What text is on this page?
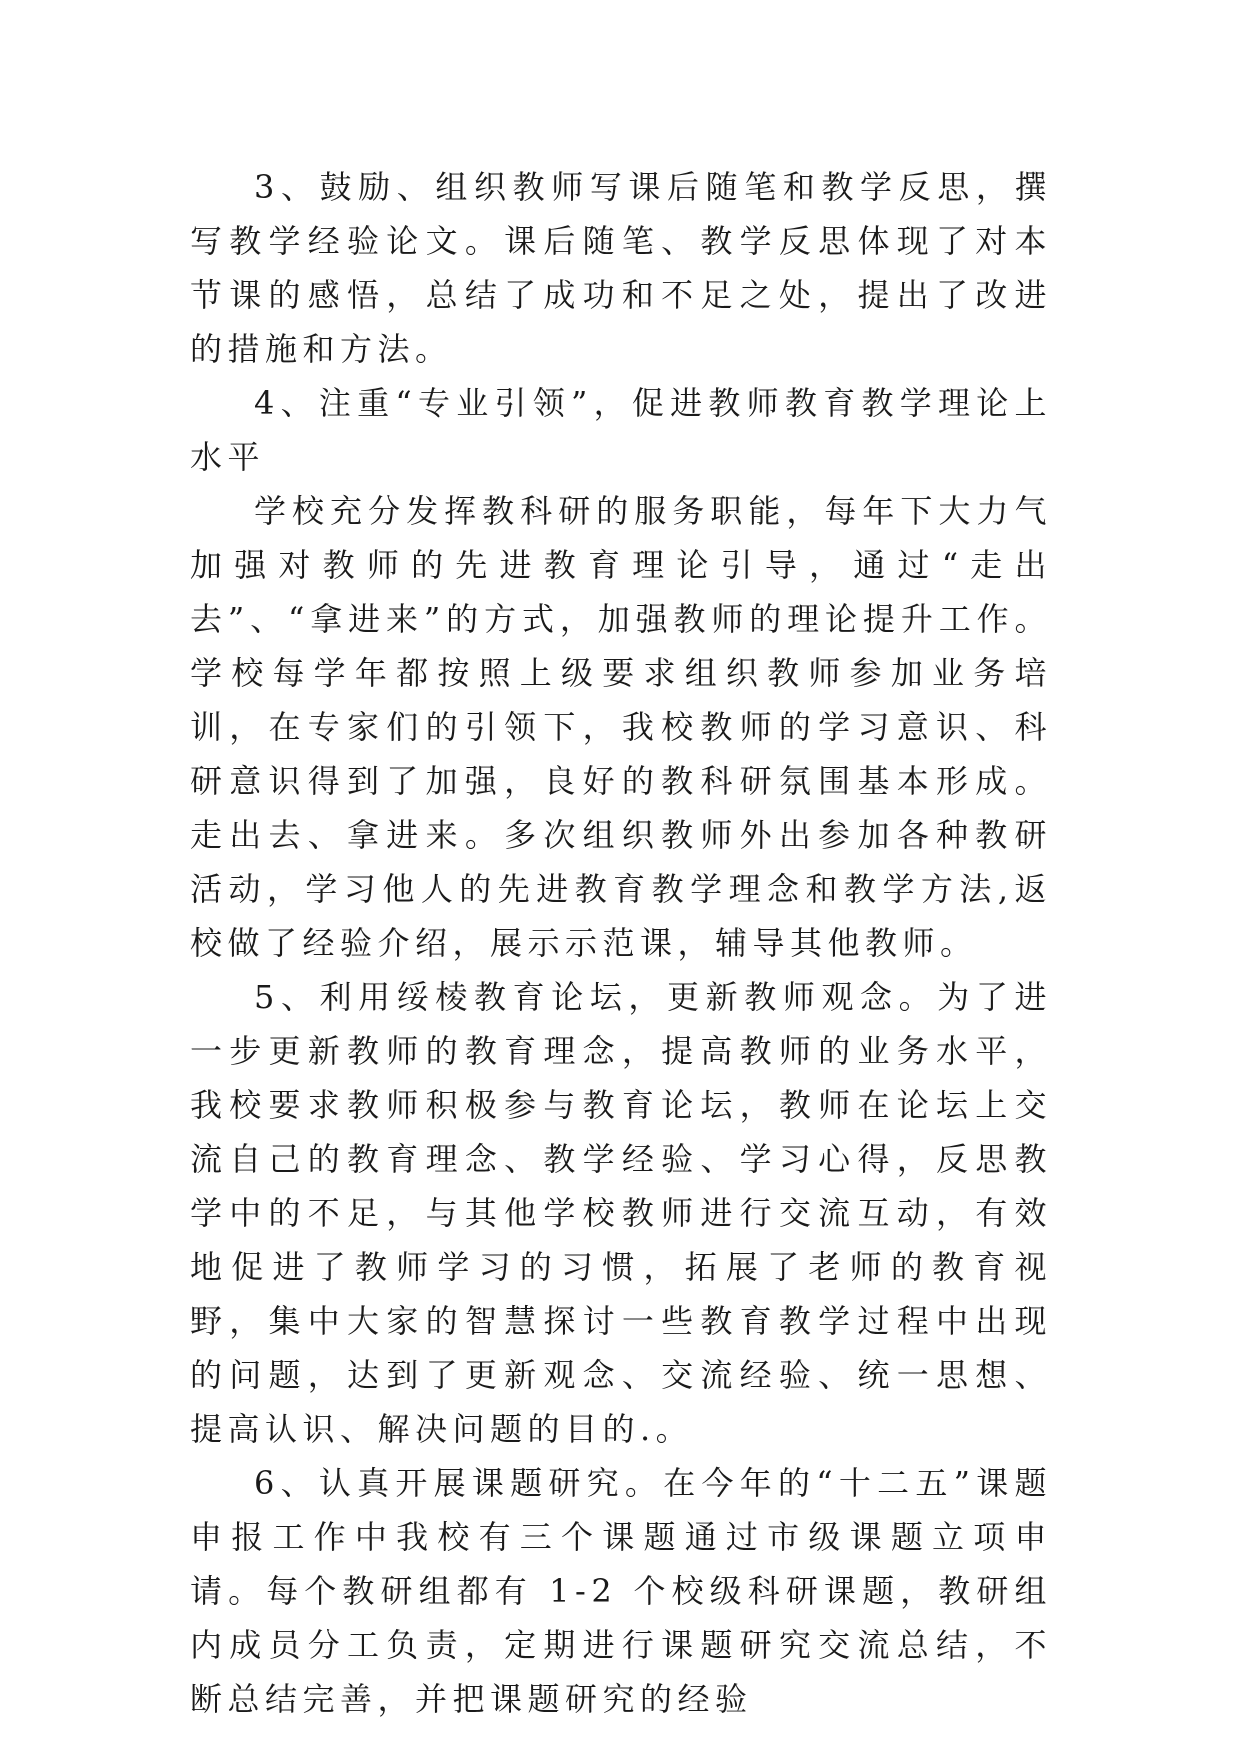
3、鼓励、组织教师写课后随笔和教学反思，撰写教学经验论文。课后随笔、教学反思体现了对本节课的感悟，总结了成功和不足之处，提出了改进的措施和方法。

4、注重“专业引领”，促进教师教育教学理论上水平

学校充分发挥教科研的服务职能，每年下大力气加强对教师的先进教育理论引导，通过“走出去”、“拿进来”的方式，加强教师的理论提升工作。学校每学年都按照上级要求组织教师参加业务培训，在专家们的引领下，我校教师的学习意识、科研意识得到了加强，良好的教科研氛围基本形成。走出去、拿进来。多次组织教师外出参加各种教研活动，学习他人的先进教育教学理念和教学方法,返校做了经验介绍，展示示范课，辅导其他教师。

5、利用绥棱教育论坛，更新教师观念。为了进一步更新教师的教育理念，提高教师的业务水平，我校要求教师积极参与教育论坛，教师在论坛上交流自己的教育理念、教学经验、学习心得，反思教学中的不足，与其他学校教师进行交流互动，有效地促进了教师学习的习惯，拓展了老师的教育视野，集中大家的智慧探讨一些教育教学过程中出现的问题，达到了更新观念、交流经验、统一思想、提高认识、解决问题的目的.。

6、认真开展课题研究。在今年的“十二五”课题申报工作中我校有三个课题通过市级课题立项申请。每个教研组都有 1-2 个校级科研课题，教研组内成员分工负责，定期进行课题研究交流总结，不断总结完善，并把课题研究的经验
